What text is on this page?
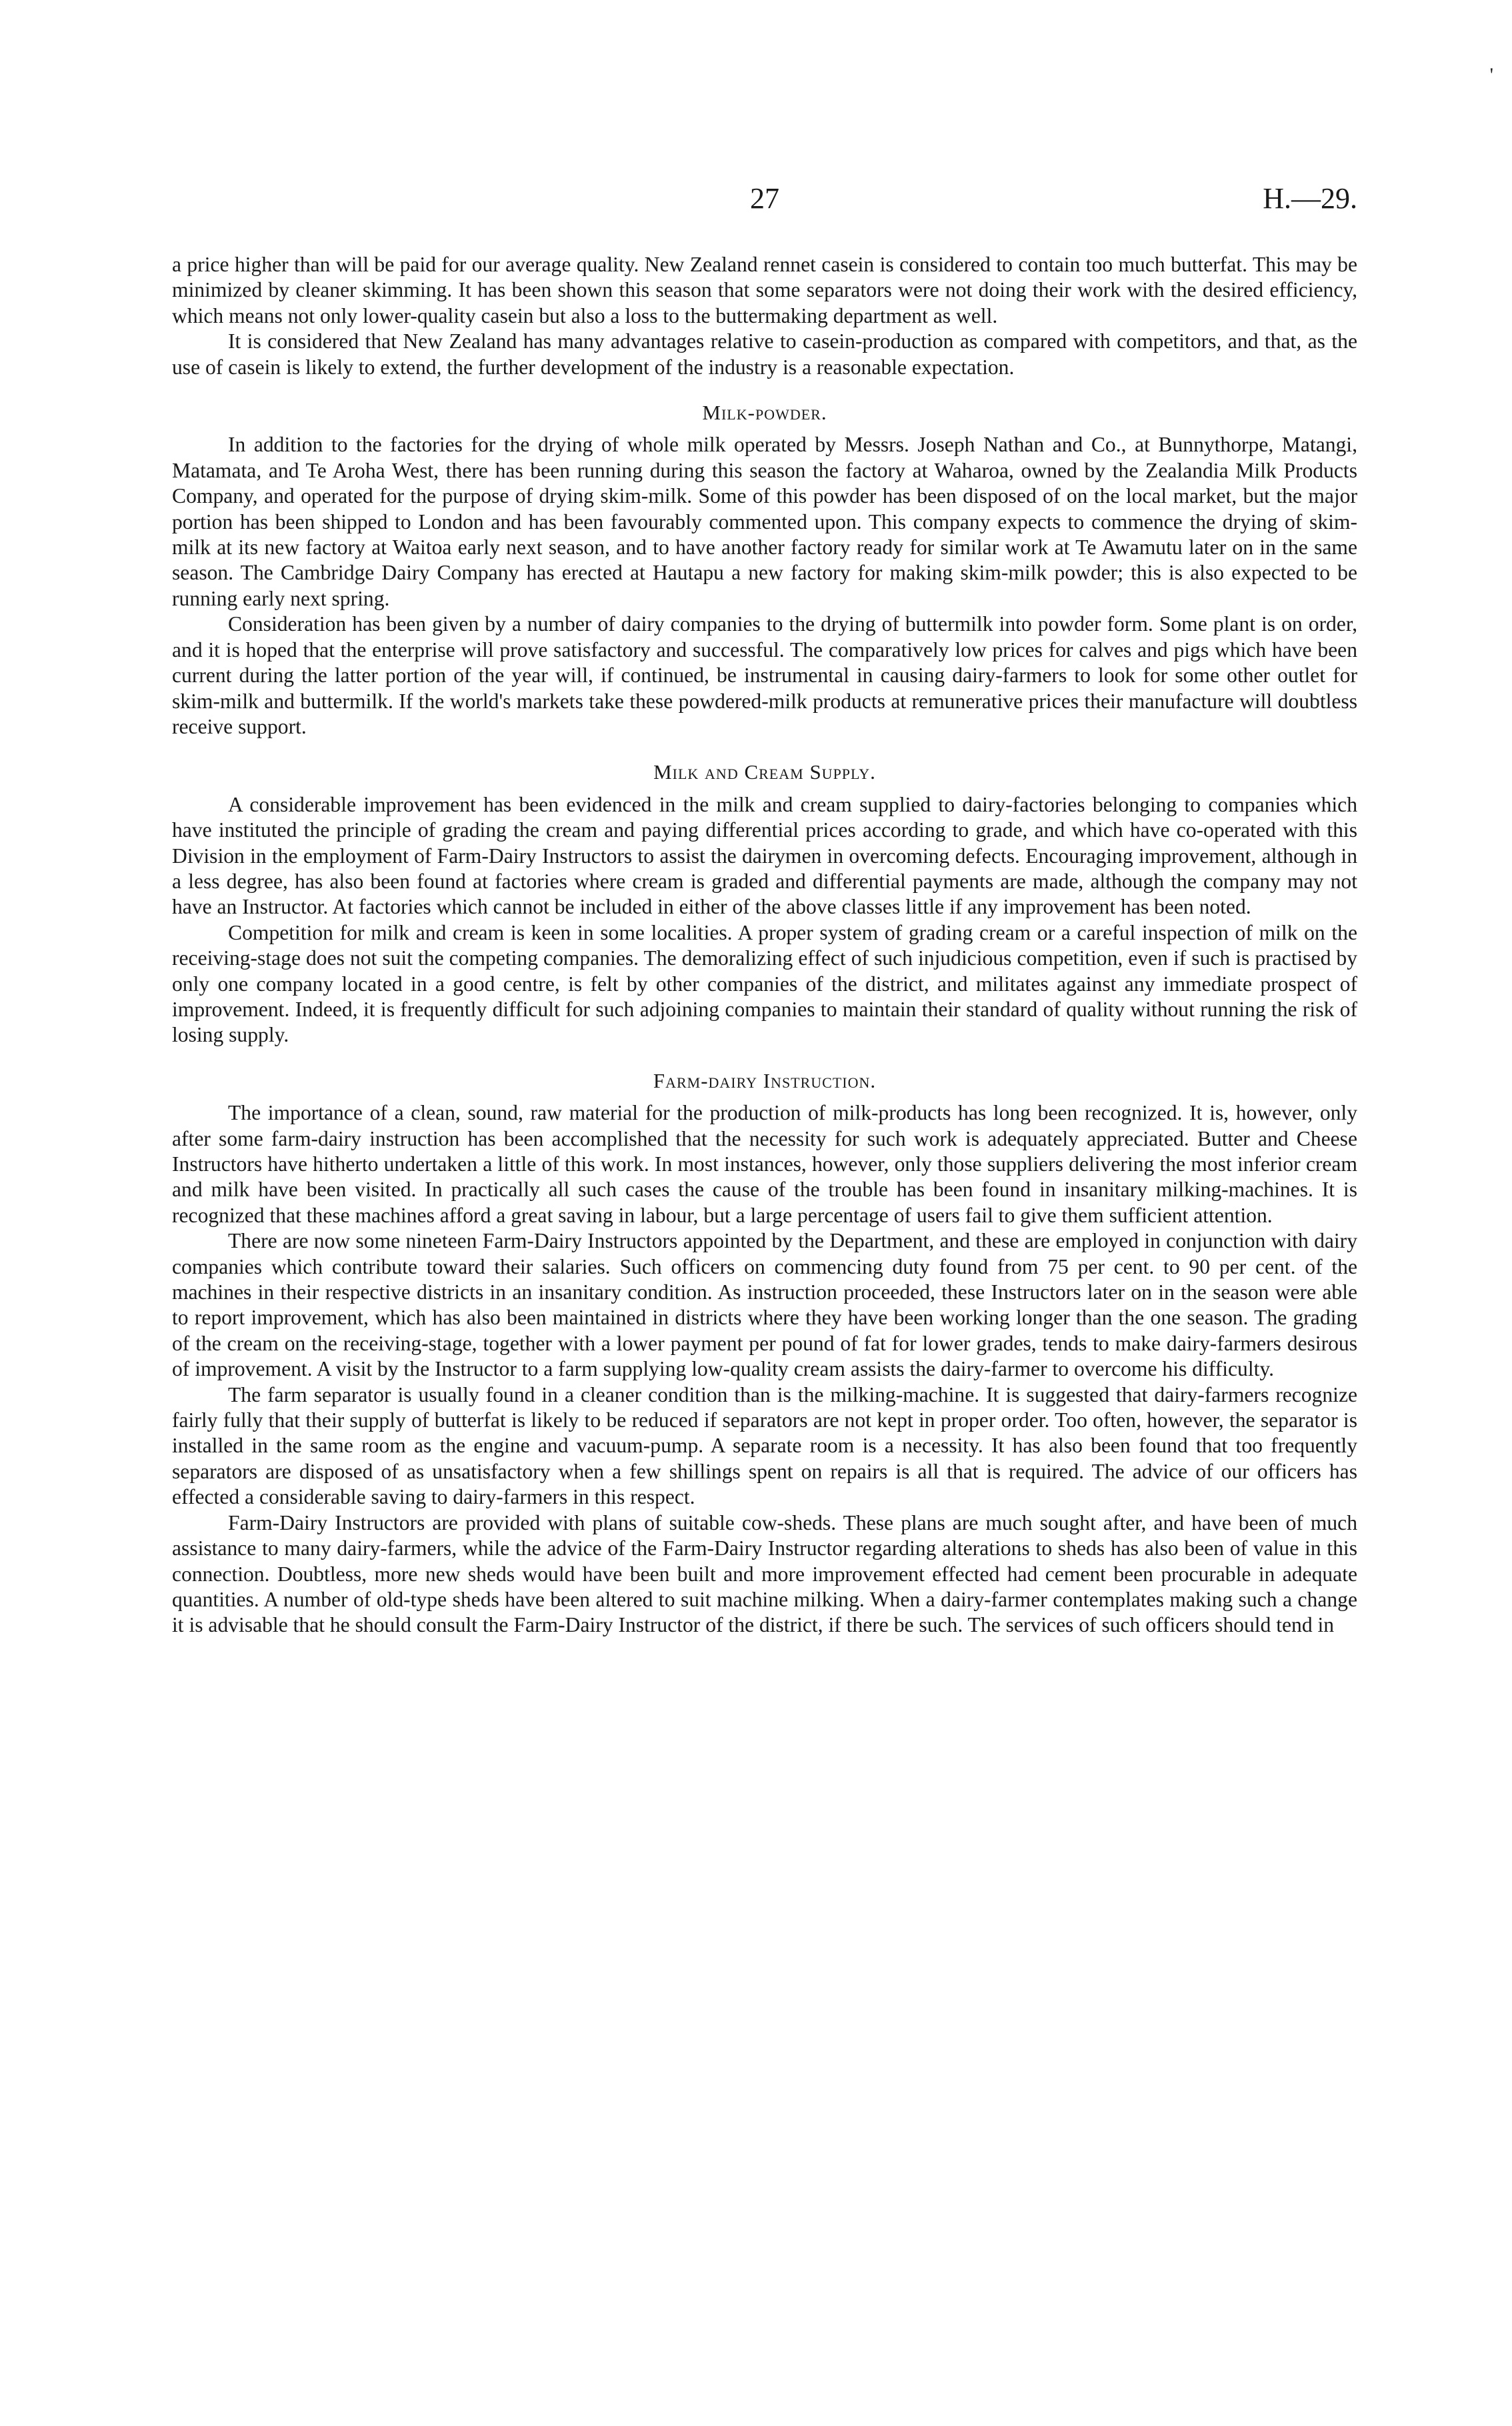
27	H.—29.
'

a price higher than will be paid for our average quality. New Zealand rennet casein is considered to contain too much butterfat. This may be minimized by cleaner skimming. It has been shown this season that some separators were not doing their work with the desired efficiency, which means not only lower-quality casein but also a loss to the buttermaking department as well.

It is considered that New Zealand has many advantages relative to casein-production as compared with competitors, and that, as the use of casein is likely to extend, the further development of the industry is a reasonable expectation.

Milk-powder.

In addition to the factories for the drying of whole milk operated by Messrs. Joseph Nathan and Co., at Bunnythorpe, Matangi, Matamata, and Te Aroha West, there has been running during this season the factory at Waharoa, owned by the Zealandia Milk Products Company, and operated for the purpose of drying skim-milk. Some of this powder has been disposed of on the local market, but the major portion has been shipped to London and has been favourably commented upon. This company expects to commence the drying of skim-milk at its new factory at Waitoa early next season, and to have another factory ready for similar work at Te Awamutu later on in the same season. The Cambridge Dairy Company has erected at Hautapu a new factory for making skim-milk powder; this is also expected to be running early next spring.

Consideration has been given by a number of dairy companies to the drying of buttermilk into powder form. Some plant is on order, and it is hoped that the enterprise will prove satisfactory and successful. The comparatively low prices for calves and pigs which have been current during the latter portion of the year will, if continued, be instrumental in causing dairy-farmers to look for some other outlet for skim-milk and buttermilk. If the world's markets take these powdered-milk products at remunerative prices their manufacture will doubtless receive support.

Milk and Cream Supply.

A considerable improvement has been evidenced in the milk and cream supplied to dairy-factories belonging to companies which have instituted the principle of grading the cream and paying differential prices according to grade, and which have co-operated with this Division in the employment of Farm-Dairy Instructors to assist the dairymen in overcoming defects. Encouraging improvement, although in a less degree, has also been found at factories where cream is graded and differential payments are made, although the company may not have an Instructor. At factories which cannot be included in either of the above classes little if any improvement has been noted.

Competition for milk and cream is keen in some localities. A proper system of grading cream or a careful inspection of milk on the receiving-stage does not suit the competing companies. The demoralizing effect of such injudicious competition, even if such is practised by only one company located in a good centre, is felt by other companies of the district, and militates against any immediate prospect of improvement. Indeed, it is frequently difficult for such adjoining companies to maintain their standard of quality without running the risk of losing supply.

Farm-dairy Instruction.

The importance of a clean, sound, raw material for the production of milk-products has long been recognized. It is, however, only after some farm-dairy instruction has been accomplished that the necessity for such work is adequately appreciated. Butter and Cheese Instructors have hitherto undertaken a little of this work. In most instances, however, only those suppliers delivering the most inferior cream and milk have been visited. In practically all such cases the cause of the trouble has been found in insanitary milking-machines. It is recognized that these machines afford a great saving in labour, but a large percentage of users fail to give them sufficient attention.

There are now some nineteen Farm-Dairy Instructors appointed by the Department, and these are employed in conjunction with dairy companies which contribute toward their salaries. Such officers on commencing duty found from 75 per cent. to 90 per cent. of the machines in their respective districts in an insanitary condition. As instruction proceeded, these Instructors later on in the season were able to report improvement, which has also been maintained in districts where they have been working longer than the one season. The grading of the cream on the receiving-stage, together with a lower payment per pound of fat for lower grades, tends to make dairy-farmers desirous of improvement. A visit by the Instructor to a farm supplying low-quality cream assists the dairy-farmer to overcome his difficulty.

The farm separator is usually found in a cleaner condition than is the milking-machine. It is suggested that dairy-farmers recognize fairly fully that their supply of butterfat is likely to be reduced if separators are not kept in proper order. Too often, however, the separator is installed in the same room as the engine and vacuum-pump. A separate room is a necessity. It has also been found that too frequently separators are disposed of as unsatisfactory when a few shillings spent on repairs is all that is required. The advice of our officers has effected a considerable saving to dairy-farmers in this respect.

Farm-Dairy Instructors are provided with plans of suitable cow-sheds. These plans are much sought after, and have been of much assistance to many dairy-farmers, while the advice of the Farm-Dairy Instructor regarding alterations to sheds has also been of value in this connection. Doubtless, more new sheds would have been built and more improvement effected had cement been procurable in adequate quantities. A number of old-type sheds have been altered to suit machine milking. When a dairy-farmer contemplates making such a change it is advisable that he should consult the Farm-Dairy Instructor of the district, if there be such. The services of such officers should tend in
